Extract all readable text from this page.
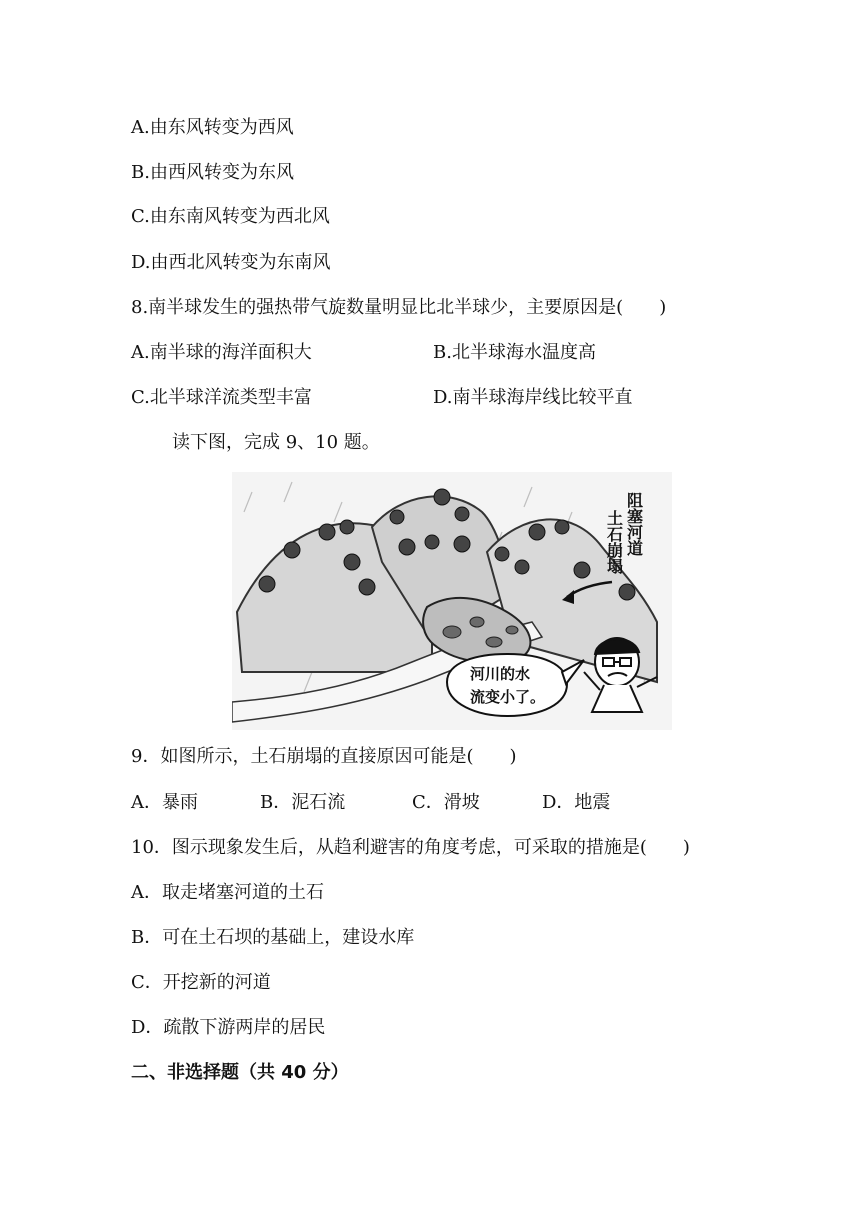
A.由东风转变为西风
B.由西风转变为东风
C.由东南风转变为西北风
D.由西北风转变为东南风
8.南半球发生的强热带气旋数量明显比北半球少，主要原因是(　　)
A.南半球的海洋面积大	B.北半球海水温度高
C.北半球洋流类型丰富	D.南半球海岸线比较平直
读下图，完成 9、10 题。
土石崩塌 阻塞河道
河川的水
流变小了。
9．如图所示，土石崩塌的直接原因可能是(　　)
A．暴雨	B．泥石流	C．滑坡	D．地震
10．图示现象发生后，从趋利避害的角度考虑，可采取的措施是(　　)
A．取走堵塞河道的土石
B．可在土石坝的基础上，建设水库
C．开挖新的河道
D．疏散下游两岸的居民
二、非选择题（共 40 分）
